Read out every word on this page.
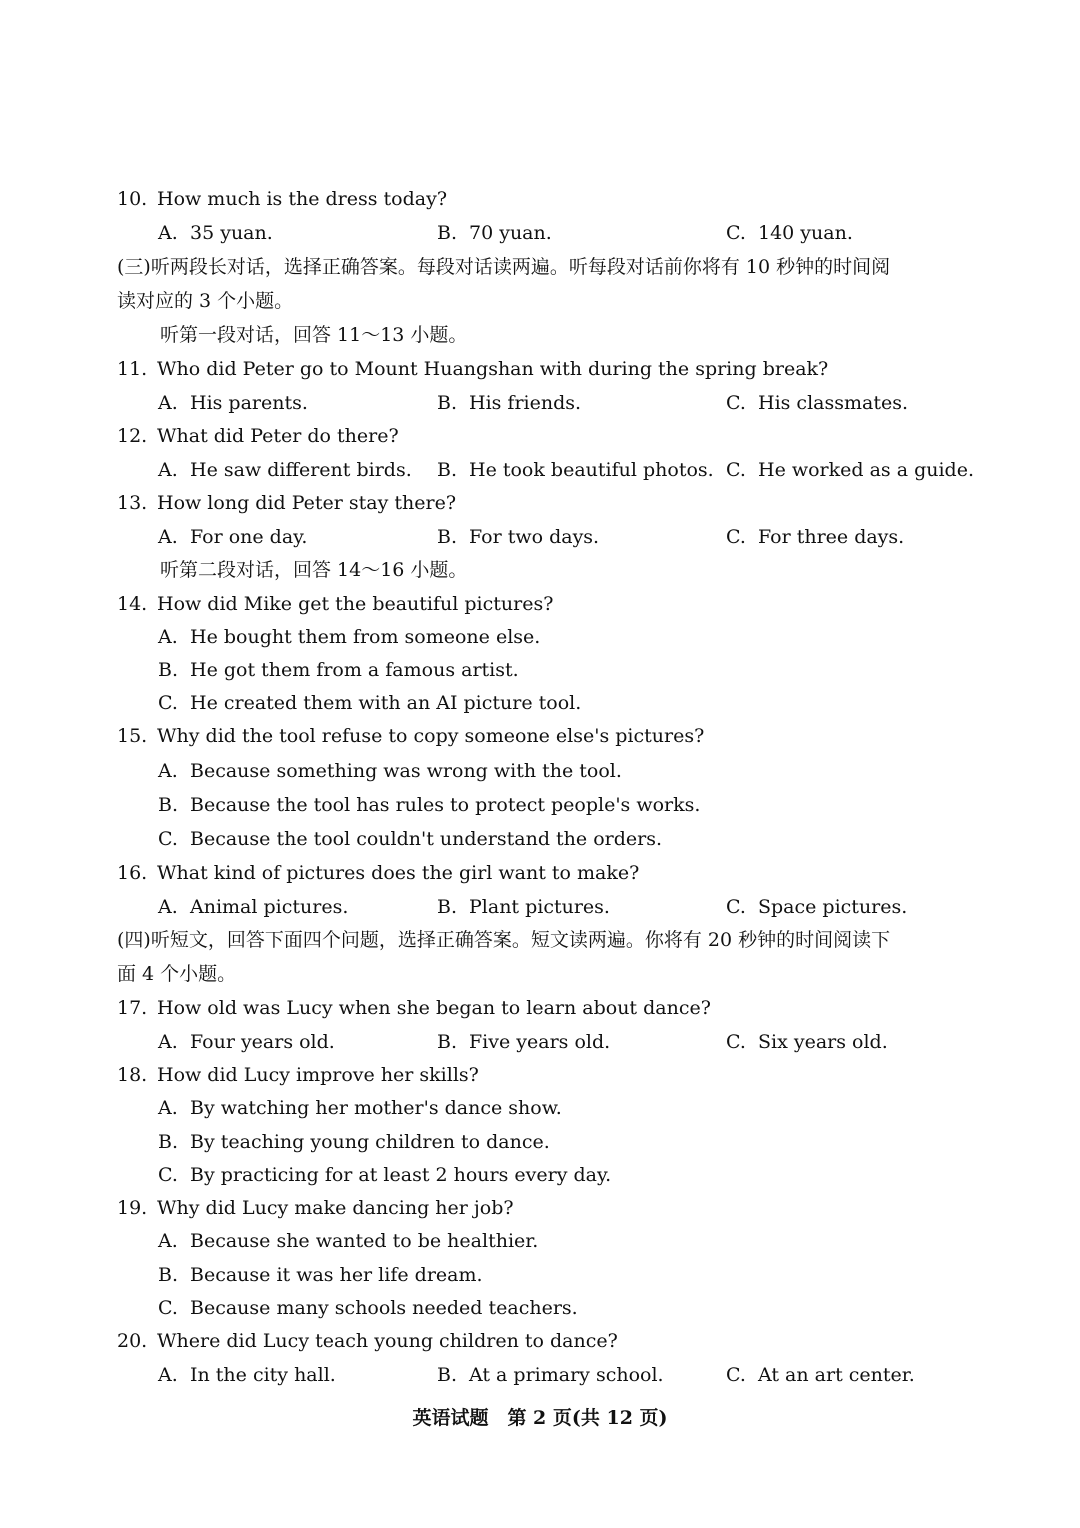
10. How much is the dress today?
A. 35 yuan.	B. 70 yuan.	C. 140 yuan.
(三)听两段长对话，选择正确答案。每段对话读两遍。听每段对话前你将有 10 秒钟的时间阅
读对应的 3 个小题。
听第一段对话，回答 11～13 小题。
11. Who did Peter go to Mount Huangshan with during the spring break?
A. His parents.	B. His friends.	C. His classmates.
12. What did Peter do there?
A. He saw different birds. B. He took beautiful photos. C. He worked as a guide.
13. How long did Peter stay there?
A. For one day.	B. For two days.	C. For three days.
听第二段对话，回答 14～16 小题。
14. How did Mike get the beautiful pictures?
A. He bought them from someone else.
B. He got them from a famous artist.
C. He created them with an AI picture tool.
15. Why did the tool refuse to copy someone else's pictures?
A. Because something was wrong with the tool.
B. Because the tool has rules to protect people's works.
C. Because the tool couldn't understand the orders.
16. What kind of pictures does the girl want to make?
A. Animal pictures.	B. Plant pictures.	C. Space pictures.
(四)听短文，回答下面四个问题，选择正确答案。短文读两遍。你将有 20 秒钟的时间阅读下
面 4 个小题。
17. How old was Lucy when she began to learn about dance?
A. Four years old.	B. Five years old.	C. Six years old.
18. How did Lucy improve her skills?
A. By watching her mother's dance show.
B. By teaching young children to dance.
C. By practicing for at least 2 hours every day.
19. Why did Lucy make dancing her job?
A. Because she wanted to be healthier.
B. Because it was her life dream.
C. Because many schools needed teachers.
20. Where did Lucy teach young children to dance?
A. In the city hall.	B. At a primary school.	C. At an art center.
英语试题　第 2 页(共 12 页)
